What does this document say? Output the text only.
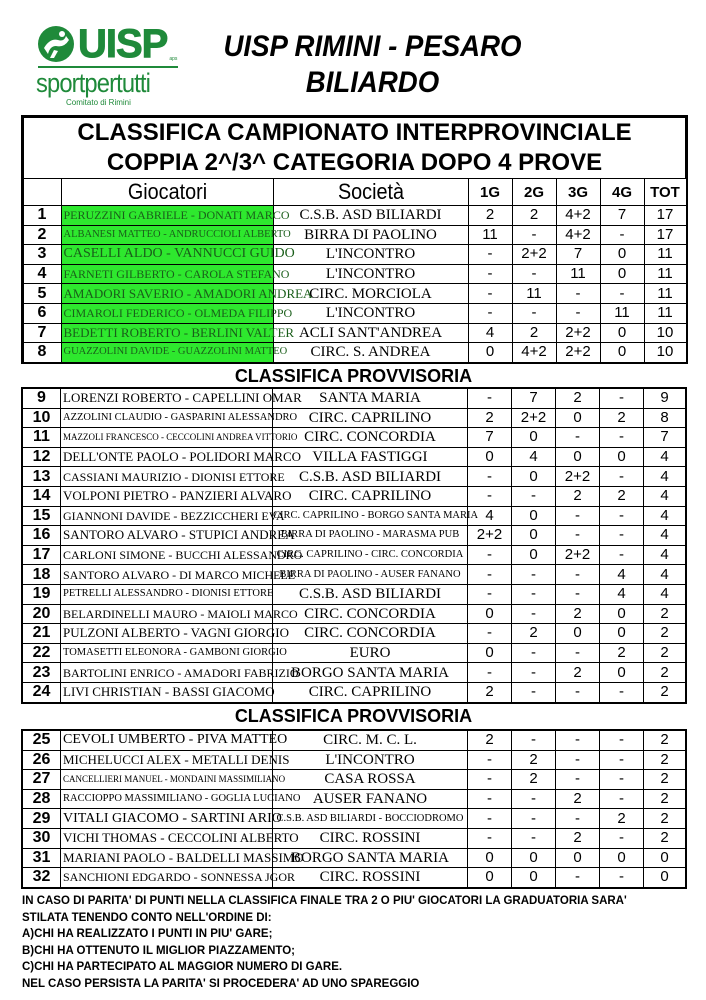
UISP aps
sportpertutti
Comitato di Rimini
UISP RIMINI - PESARO
BILIARDO
CLASSIFICA CAMPIONATO INTERPROVINCIALE							
COPPIA 2^/3^ CATEGORIA DOPO 4 PROVE							

	Giocatori	Società	1G	2G	3G	4G	TOT
1	PERUZZINI GABRIELE - DONATI MARCO	C.S.B. ASD BILIARDI	2	2	4+2	7	17
2	ALBANESI MATTEO - ANDRUCCIOLI ALBERTO	BIRRA DI PAOLINO	11	-	4+2	-	17
3	CASELLI ALDO - VANNUCCI GUIDO	L'INCONTRO	-	2+2	7	0	11
4	FARNETI GILBERTO - CAROLA STEFANO	L'INCONTRO	-	-	11	0	11
5	AMADORI SAVERIO - AMADORI ANDREA	CIRC. MORCIOLA	-	11	-	-	11
6	CIMAROLI FEDERICO - OLMEDA FILIPPO	L'INCONTRO	-	-	-	11	11
7	BEDETTI ROBERTO - BERLINI VALTER	ACLI SANT'ANDREA	4	2	2+2	0	10
8	GUAZZOLINI DAVIDE - GUAZZOLINI MATTEO	CIRC. S. ANDREA	0	4+2	2+2	0	10
CLASSIFICA PROVVISORIA
9	LORENZI ROBERTO - CAPELLINI OMAR	SANTA MARIA	-	7	2	-	9
10	AZZOLINI CLAUDIO - GASPARINI ALESSANDRO	CIRC. CAPRILINO	2	2+2	0	2	8
11	MAZZOLI FRANCESCO - CECCOLINI ANDREA VITTORIO	CIRC. CONCORDIA	7	0	-	-	7
12	DELL'ONTE PAOLO - POLIDORI MARCO	VILLA FASTIGGI	0	4	0	0	4
13	CASSIANI MAURIZIO - DIONISI ETTORE	C.S.B. ASD BILIARDI	-	0	2+2	-	4
14	VOLPONI PIETRO - PANZIERI ALVARO	CIRC. CAPRILINO	-	-	2	2	4
15	GIANNONI DAVIDE - BEZZICCHERI EVA	CIRC. CAPRILINO - BORGO SANTA MARIA	4	0	-	-	4
16	SANTORO ALVARO - STUPICI ANDREA	BIRRA DI PAOLINO - MARASMA PUB	2+2	0	-	-	4
17	CARLONI SIMONE - BUCCHI ALESSANDRO	CIRC. CAPRILINO - CIRC. CONCORDIA	-	0	2+2	-	4
18	SANTORO ALVARO - DI MARCO MICHELE	BIRRA DI PAOLINO - AUSER FANANO	-	-	-	4	4
19	PETRELLI ALESSANDRO - DIONISI ETTORE	C.S.B. ASD BILIARDI	-	-	-	4	4
20	BELARDINELLI MAURO - MAIOLI MARCO	CIRC. CONCORDIA	0	-	2	0	2
21	PULZONI ALBERTO - VAGNI GIORGIO	CIRC. CONCORDIA	-	2	0	0	2
22	TOMASETTI ELEONORA - GAMBONI GIORGIO	EURO	0	-	-	2	2
23	BARTOLINI ENRICO - AMADORI FABRIZIO	BORGO SANTA MARIA	-	-	2	0	2
24	LIVI CHRISTIAN - BASSI GIACOMO	CIRC. CAPRILINO	2	-	-	-	2
CLASSIFICA PROVVISORIA
25	CEVOLI UMBERTO - PIVA MATTEO	CIRC. M. C. L.	2	-	-	-	2
26	MICHELUCCI ALEX - METALLI DENIS	L'INCONTRO	-	2	-	-	2
27	CANCELLIERI MANUEL - MONDAINI MASSIMILIANO	CASA ROSSA	-	2	-	-	2
28	RACCIOPPO MASSIMILIANO - GOGLIA LUCIANO	AUSER FANANO	-	-	2	-	2
29	VITALI GIACOMO - SARTINI ARIO	C.S.B. ASD BILIARDI - BOCCIODROMO	-	-	-	2	2
30	VICHI THOMAS - CECCOLINI ALBERTO	CIRC. ROSSINI	-	-	2	-	2
31	MARIANI PAOLO - BALDELLI MASSIMO	BORGO SANTA MARIA	0	0	0	0	0
32	SANCHIONI EDGARDO - SONNESSA JGOR	CIRC. ROSSINI	0	0	-	-	0
IN CASO DI PARITA' DI PUNTI NELLA CLASSIFICA FINALE TRA 2 O PIU' GIOCATORI LA GRADUATORIA SARA'
STILATA TENENDO CONTO NELL'ORDINE DI:
A)CHI HA REALIZZATO I PUNTI IN PIU' GARE;
B)CHI HA OTTENUTO IL MIGLIOR PIAZZAMENTO;
C)CHI HA PARTECIPATO AL MAGGIOR NUMERO DI GARE.
NEL CASO PERSISTA LA PARITA' SI PROCEDERA' AD UNO SPAREGGIO
